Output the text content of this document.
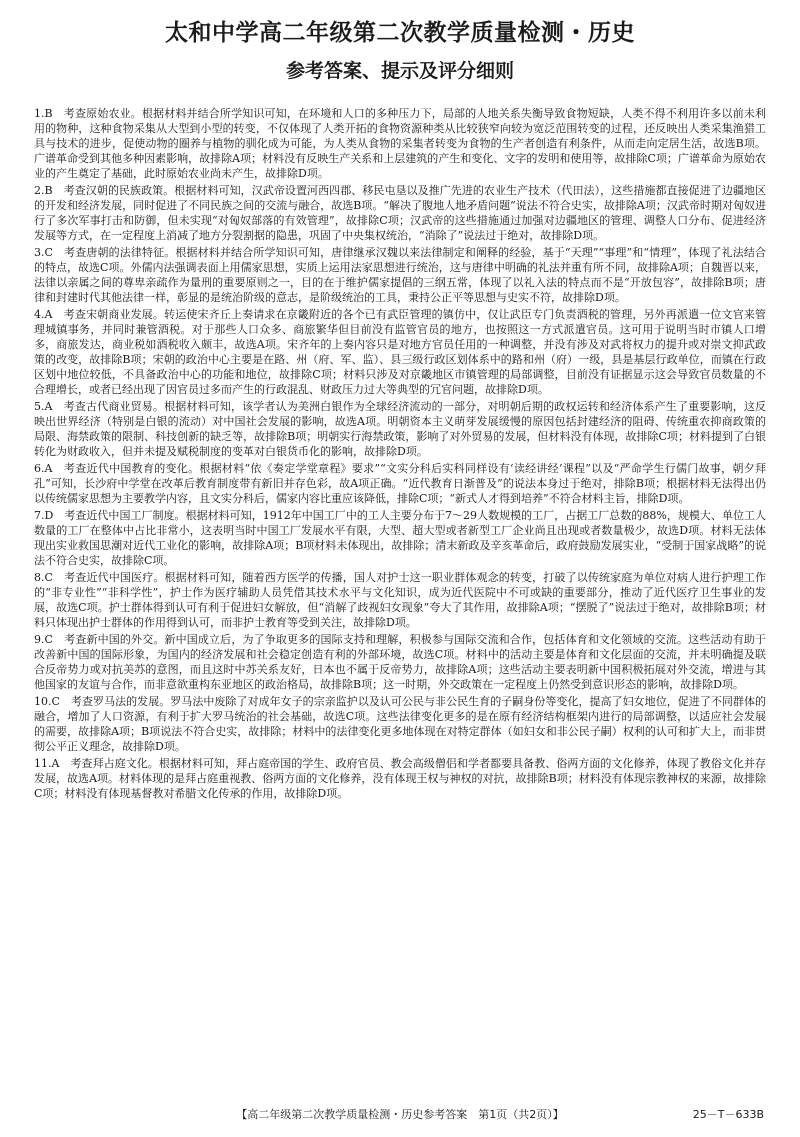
太和中学高二年级第二次教学质量检测・历史
参考答案、提示及评分细则

1.B　考查原始农业。根据材料并结合所学知识可知，在环境和人口的多种压力下，局部的人地关系失衡导致食物短缺，人类不得不利用许多以前未利用的物种，这种食物采集从大型到小型的转变，不仅体现了人类开拓的食物资源种类从比较狭窄向较为宽泛范围转变的过程，还反映出人类采集渔猎工具与技术的进步，促使动物的圈养与植物的驯化成为可能，为人类从食物的采集者转变为食物的生产者创造有利条件，从而走向定居生活，故选B项。广谱革命受到其他多种因素影响，故排除A项；材料没有反映生产关系和上层建筑的产生和变化、文字的发明和使用等，故排除C项；广谱革命为原始农业的产生奠定了基础，此时原始农业尚未产生，故排除D项。

2.B　考查汉朝的民族政策。根据材料可知，汉武帝设置河西四郡、移民屯垦以及推广先进的农业生产技术（代田法），这些措施都直接促进了边疆地区的开发和经济发展，同时促进了不同民族之间的交流与融合，故选B项。“解决了腹地人地矛盾问题”说法不符合史实，故排除A项；汉武帝时期对匈奴进行了多次军事打击和防御，但未实现“对匈奴部落的有效管理”，故排除C项；汉武帝的这些措施通过加强对边疆地区的管理、调整人口分布、促进经济发展等方式，在一定程度上消减了地方分裂割据的隐患，巩固了中央集权统治，“消除了”说法过于绝对，故排除D项。

3.C　考查唐朝的法律特征。根据材料并结合所学知识可知，唐律继承汉魏以来法律制定和阐释的经验，基于“天理”“事理”和“情理”，体现了礼法结合的特点，故选C项。外儒内法强调表面上用儒家思想，实质上运用法家思想进行统治，这与唐律中明确的礼法并重有所不同，故排除A项；自魏晋以来，法律以亲属之间的尊卑亲疏作为量刑的重要原则之一，目的在于维护儒家提倡的三纲五常，体现了以礼入法的特点而不是“开放包容”，故排除B项；唐律和封建时代其他法律一样，彰显的是统治阶级的意志，是阶级统治的工具，秉持公正平等思想与史实不符，故排除D项。

4.A　考查宋朝商业发展。转运使宋齐丘上奏请求在京畿附近的各个已有武臣管理的镇仿中，仅让武臣专门负责酒税的管理，另外再派遣一位文官来管理城镇事务，并同时兼管酒税。对于那些人口众多、商旅繁华但目前没有监管官员的地方，也按照这一方式派遣官员。这可用于说明当时市镇人口增多，商旅发达，商业税如酒税收入颇丰，故选A项。宋齐年的上奏内容只是对地方官员任用的一种调整，并没有涉及对武将权力的提升或对崇文抑武政策的改变，故排除B项；宋朝的政治中心主要是在路、州（府、军、监）、县三级行政区划体系中的路和州（府）一级，县是基层行政单位，而镇在行政区划中地位较低，不具备政治中心的功能和地位，故排除C项；材料只涉及对京畿地区市镇管理的局部调整，目前没有证据显示这会导致官员数量的不合理增长，或者已经出现了因官员过多而产生的行政混乱、财政压力过大等典型的冗官问题，故排除D项。

5.A　考查古代商业贸易。根据材料可知，该学者认为美洲白银作为全球经济流动的一部分，对明朝后期的政权运转和经济体系产生了重要影响，这反映出世界经济（特别是白银的流动）对中国社会发展的影响，故选A项。明朝资本主义萌芽发展缓慢的原因包括封建经济的阻碍、传统重农抑商政策的局限、海禁政策的限制、科技创新的缺乏等，故排除B项；明朝实行海禁政策，影响了对外贸易的发展，但材料没有体现，故排除C项；材料提到了白银转化为财政收入，但并未提及赋税制度的变革对白银货币化的影响，故排除D项。

6.A　考查近代中国教育的变化。根据材料“依《奏定学堂章程》要求”“文实分科后实科同样设有‘读经讲经’课程”以及“严命学生行儒门故事，朝夕拜孔”可知，长沙府中学堂在改革后教育制度带有新旧并存色彩，故A项正确。“近代教育日渐普及”的说法本身过于绝对，排除B项；根据材料无法得出仍以传统儒家思想为主要教学内容，且文实分科后，儒家内容比重应该降低，排除C项；“新式人才得到培养”不符合材料主旨，排除D项。

7.D　考查近代中国工厂制度。根据材料可知，1912年中国工厂中的工人主要分布于7～29人数规模的工厂，占据工厂总数的88%，规模大、单位工人数量的工厂在整体中占比非常小，这表明当时中国工厂发展水平有限，大型、超大型或者新型工厂企业尚且出现或者数量极少，故选D项。材料无法体现出实业救国思潮对近代工业化的影响，故排除A项；B项材料未体现出，故排除；清末新政及辛亥革命后，政府鼓励发展实业，“受制于国家战略”的说法不符合史实，故排除C项。

8.C　考查近代中国医疗。根据材料可知，随着西方医学的传播，国人对护士这一职业群体观念的转变，打破了以传统家庭为单位对病人进行护理工作的“非专业性”“非科学性”，护士作为医疗辅助人员凭借其技术水平与文化知识，成为近代医院中不可或缺的重要部分，推动了近代医疗卫生事业的发展，故选C项。护士群体得到认可有利于促进妇女解放，但“消解了歧视妇女现象”夸大了其作用，故排除A项；“摆脱了”说法过于绝对，故排除B项；材料只体现出护士群体的作用得到认可，而非护士教育等受到关注，故排除D项。

9.C　考查新中国的外交。新中国成立后，为了争取更多的国际支持和理解，积极参与国际交流和合作，包括体育和文化领域的交流。这些活动有助于改善新中国的国际形象，为国内的经济发展和社会稳定创造有利的外部环境，故选C项。材料中的活动主要是体育和文化层面的交流，并未明确提及联合反帝势力或对抗美苏的意图，而且这时中苏关系友好，日本也不属于反帝势力，故排除A项；这些活动主要表明新中国积极拓展对外交流，增进与其他国家的友谊与合作，而非意欲重构东亚地区的政治格局，故排除B项；这一时期，外交政策在一定程度上仍然受到意识形态的影响，故排除D项。

10.C　考查罗马法的发展。罗马法中废除了对成年女子的宗亲监护以及认可公民与非公民生育的子嗣身份等变化，提高了妇女地位，促进了不同群体的融合，增加了人口资源，有利于扩大罗马统治的社会基础，故选C项。这些法律变化更多的是在原有经济结构框架内进行的局部调整，以适应社会发展的需要，故排除A项；B项说法不符合史实，故排除；材料中的法律变化更多地体现在对特定群体（如妇女和非公民子嗣）权利的认可和扩大上，而非贯彻公平正义理念，故排除D项。

11.A　考查拜占庭文化。根据材料可知，拜占庭帝国的学生、政府官员、教会高级僧侣和学者都要具备教、俗两方面的文化修养，体现了教俗文化并存发展，故选A项。材料体现的是拜占庭重视教、俗两方面的文化修养，没有体现王权与神权的对抗，故排除B项；材料没有体现宗教神权的来源，故排除C项；材料没有体现基督教对希腊文化传承的作用，故排除D项。

【高二年级第二次教学质量检测・历史参考答案　第1页（共2页）】	25－T－633B
